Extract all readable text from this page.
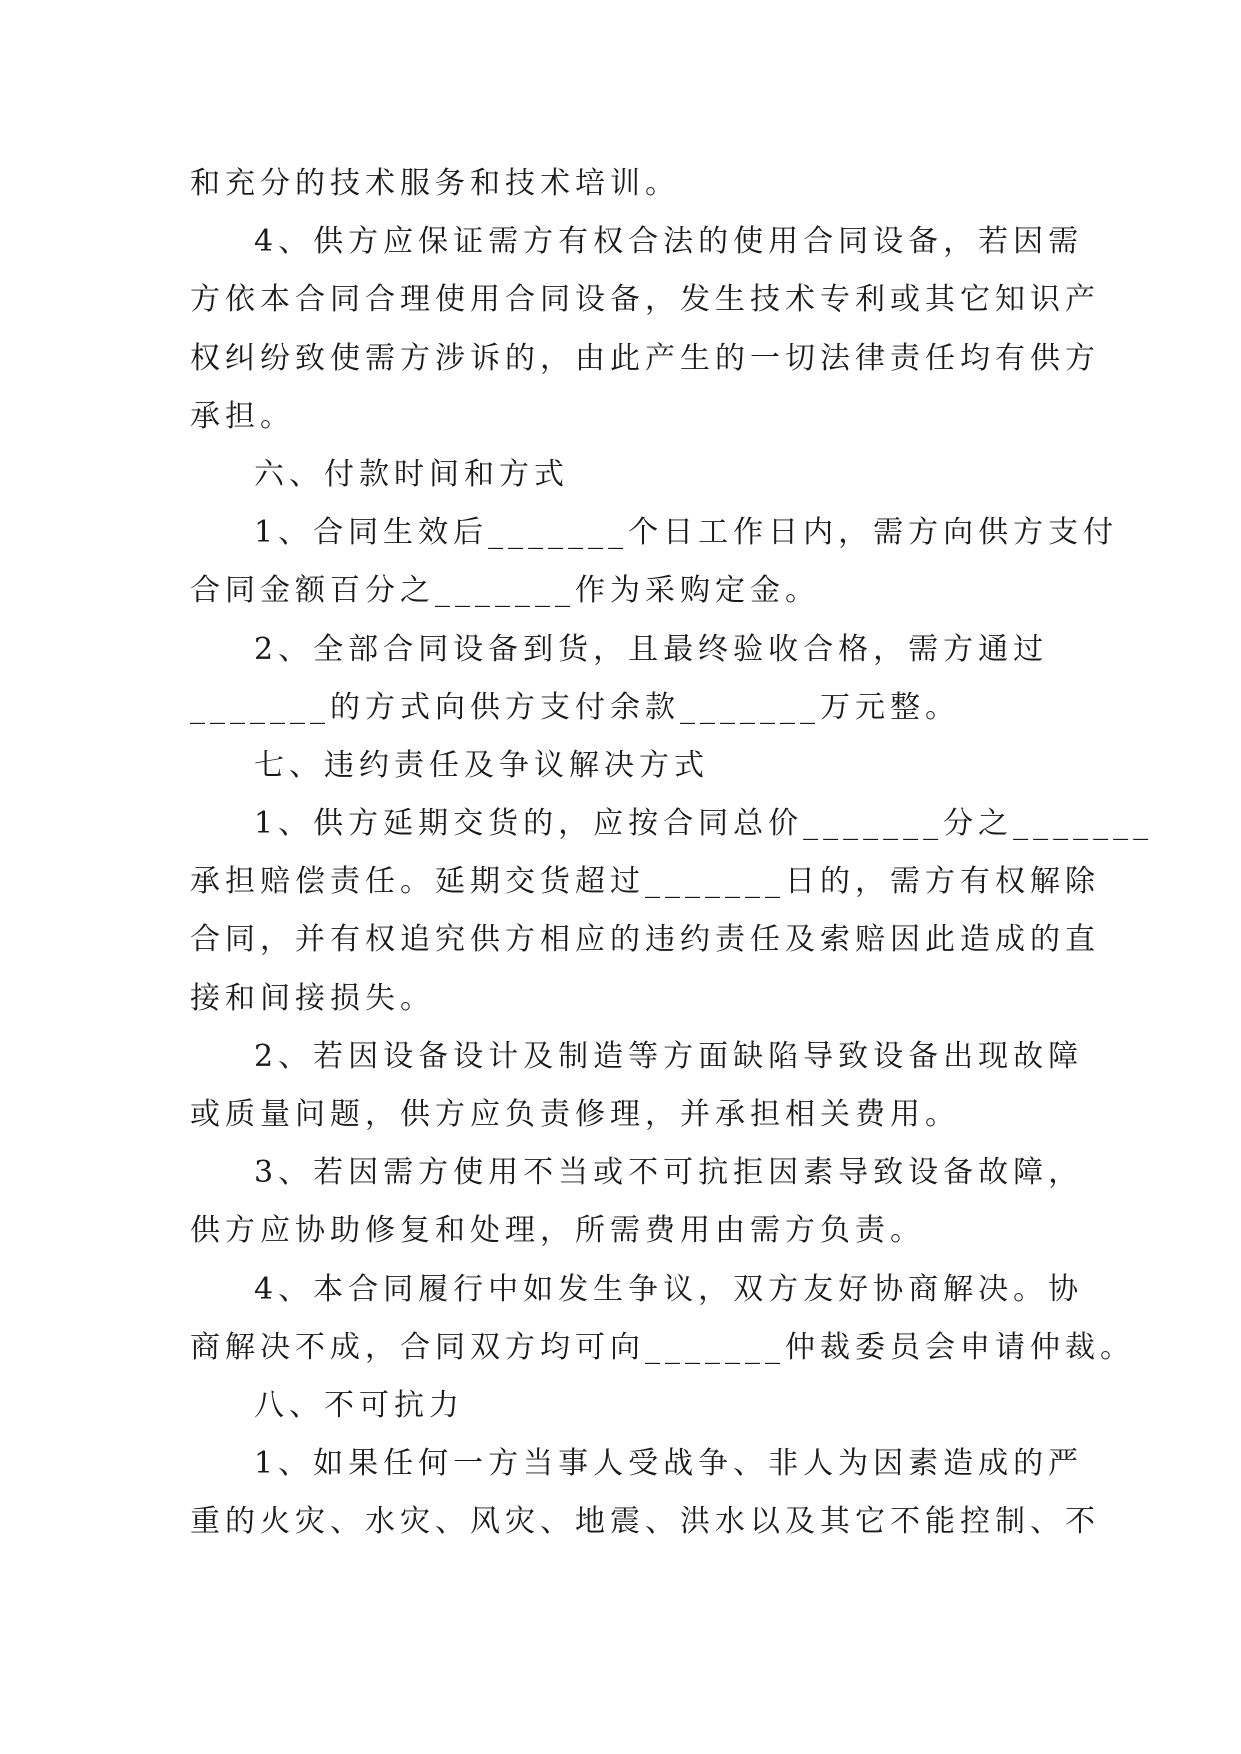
和充分的技术服务和技术培训。
4、供方应保证需方有权合法的使用合同设备，若因需
方依本合同合理使用合同设备，发生技术专利或其它知识产
权纠纷致使需方涉诉的，由此产生的一切法律责任均有供方
承担。
六、付款时间和方式
1、合同生效后_______个日工作日内，需方向供方支付
合同金额百分之_______作为采购定金。
2、全部合同设备到货，且最终验收合格，需方通过
_______的方式向供方支付余款_______万元整。
七、违约责任及争议解决方式
1、供方延期交货的，应按合同总价_______分之_______
承担赔偿责任。延期交货超过_______日的，需方有权解除
合同，并有权追究供方相应的违约责任及索赔因此造成的直
接和间接损失。
2、若因设备设计及制造等方面缺陷导致设备出现故障
或质量问题，供方应负责修理，并承担相关费用。
3、若因需方使用不当或不可抗拒因素导致设备故障，
供方应协助修复和处理，所需费用由需方负责。
4、本合同履行中如发生争议，双方友好协商解决。协
商解决不成，合同双方均可向_______仲裁委员会申请仲裁。
八、不可抗力
1、如果任何一方当事人受战争、非人为因素造成的严
重的火灾、水灾、风灾、地震、洪水以及其它不能控制、不
